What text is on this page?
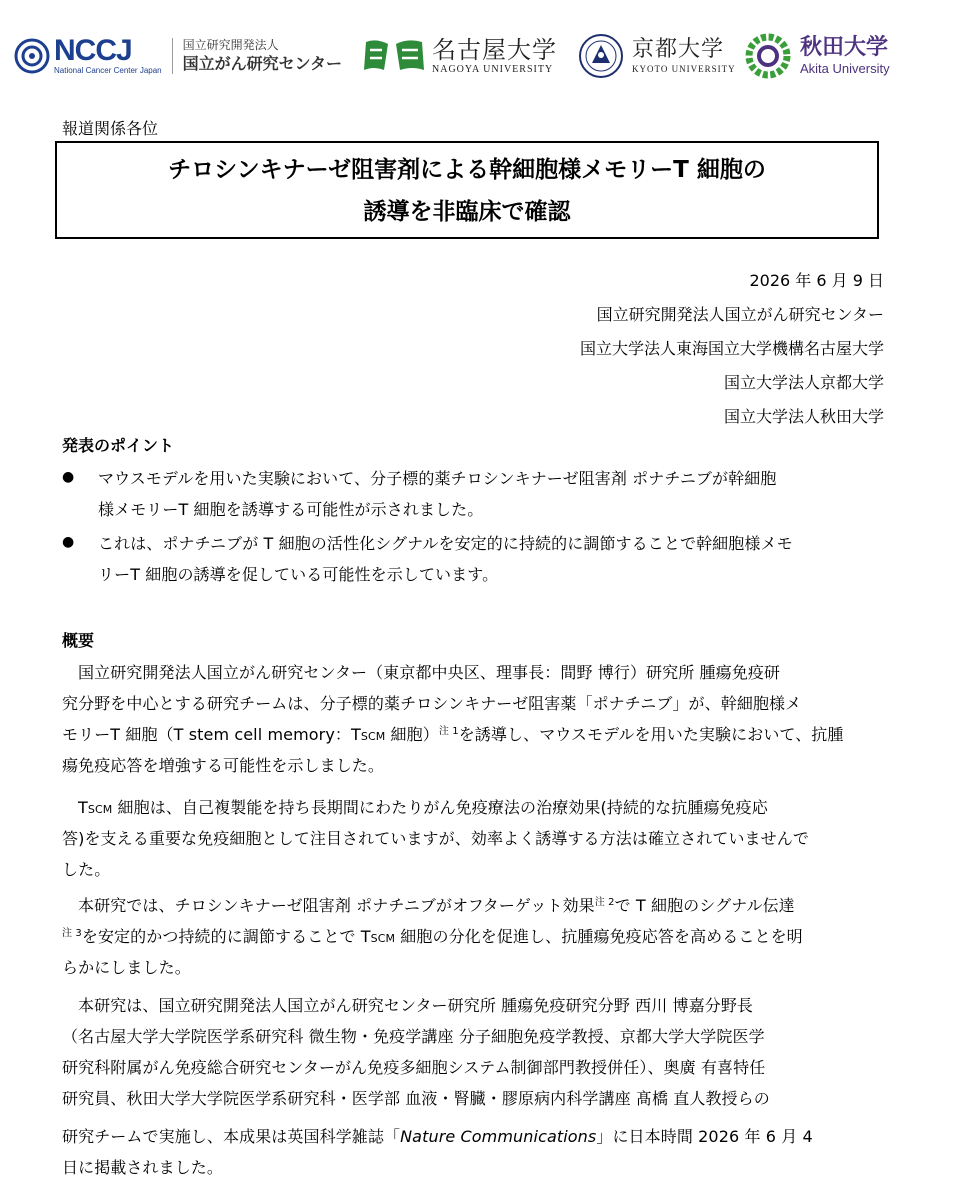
NCCJ
National Cancer Center Japan
国立研究開発法人
国立がん研究センター	名古屋大学
NAGOYA UNIVERSITY
京都大学
KYOTO UNIVERSITY
秋田大学
Akita University
報道関係各位
チロシンキナーゼ阻害剤による幹細胞様メモリーT 細胞の
誘導を非臨床で確認
2026 年 6 月 9 日
国立研究開発法人国立がん研究センター
国立大学法人東海国立大学機構名古屋大学
国立大学法人京都大学
国立大学法人秋田大学
発表のポイント
● マウスモデルを用いた実験において、分子標的薬チロシンキナーゼ阻害剤 ポナチニブが幹細胞
様メモリーT 細胞を誘導する可能性が示されました。
● これは、ポナチニブが T 細胞の活性化シグナルを安定的に持続的に調節することで幹細胞様メモ
リーT 細胞の誘導を促している可能性を示しています。
概要
国立研究開発法人国立がん研究センター（東京都中央区、理事長：間野 博行）研究所 腫瘍免疫研
究分野を中心とする研究チームは、分子標的薬チロシンキナーゼ阻害薬「ポナチニブ」が、幹細胞様メ
モリーT 細胞（T stem cell memory：TSCM 細胞）$^{注 1}$を誘導し、マウスモデルを用いた実験において、抗腫
瘍免疫応答を増強する可能性を示しました。
TSCM 細胞は、自己複製能を持ち長期間にわたりがん免疫療法の治療効果(持続的な抗腫瘍免疫応
答)を支える重要な免疫細胞として注目されていますが、効率よく誘導する方法は確立されていませんで
した。
本研究では、チロシンキナーゼ阻害剤 ポナチニブがオフターゲット効果$^{注 2}$で T 細胞のシグナル伝達
$^{注 3}$を安定的かつ持続的に調節することで TSCM 細胞の分化を促進し、抗腫瘍免疫応答を高めることを明
らかにしました。
本研究は、国立研究開発法人国立がん研究センター研究所 腫瘍免疫研究分野 西川 博嘉分野長
（名古屋大学大学院医学系研究科 微生物・免疫学講座 分子細胞免疫学教授、京都大学大学院医学
研究科附属がん免疫総合研究センターがん免疫多細胞システム制御部門教授併任）、奥廣 有喜特任
研究員、秋田大学大学院医学系研究科・医学部 血液・腎臓・膠原病内科学講座 髙橋 直人教授らの
研究チームで実施し、本成果は英国科学雑誌「Nature Communications」に日本時間 2026 年 6 月 4
日に掲載されました。
